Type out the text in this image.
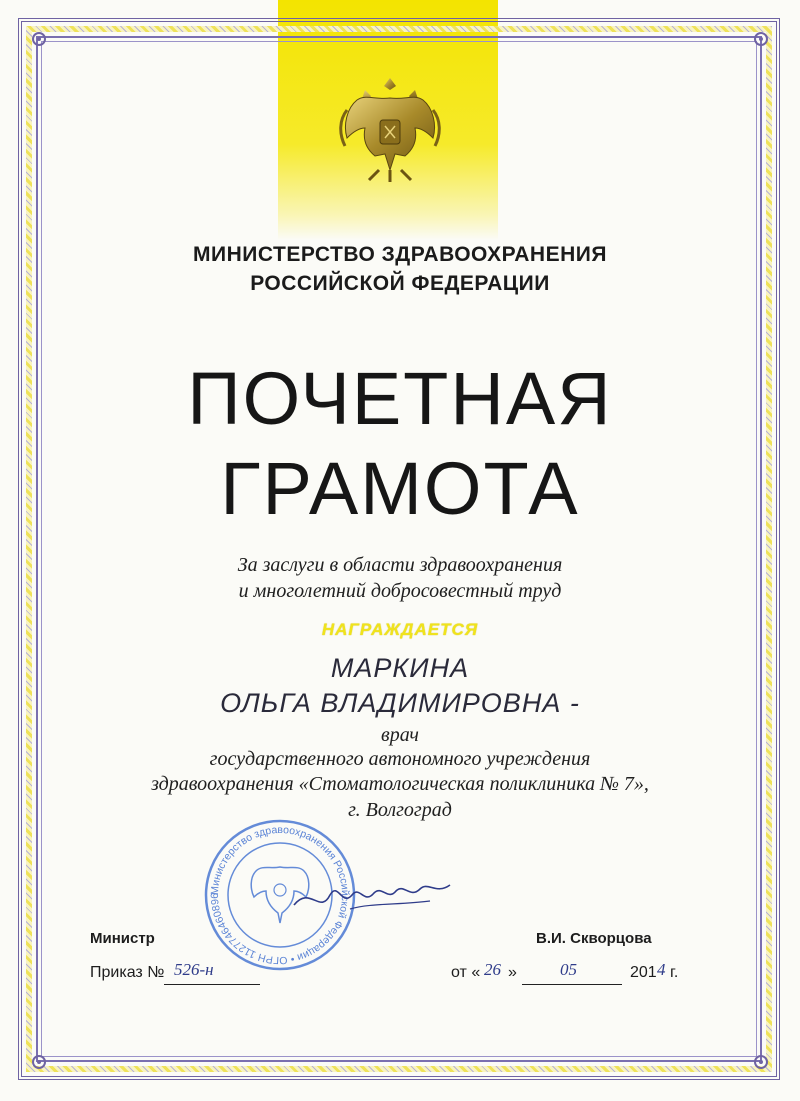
МИНИСТЕРСТВО ЗДРАВООХРАНЕНИЯ
РОССИЙСКОЙ ФЕДЕРАЦИИ
ПОЧЕТНАЯ
ГРАМОТА
За заслуги в области здравоохранения
и многолетний добросовестный труд
НАГРАЖДАЕТСЯ
МАРКИНА
ОЛЬГА ВЛАДИМИРОВНА -
врач
государственного автономного учреждения
здравоохранения «Стоматологическая поликлиника № 7»,
г. Волгоград
Министерство здравоохранения Российской Федерации • ОГРН 1127746460896
Министр	В.И. Скворцова
Приказ № 526-н	от « 26 »	05	201 4 г.
